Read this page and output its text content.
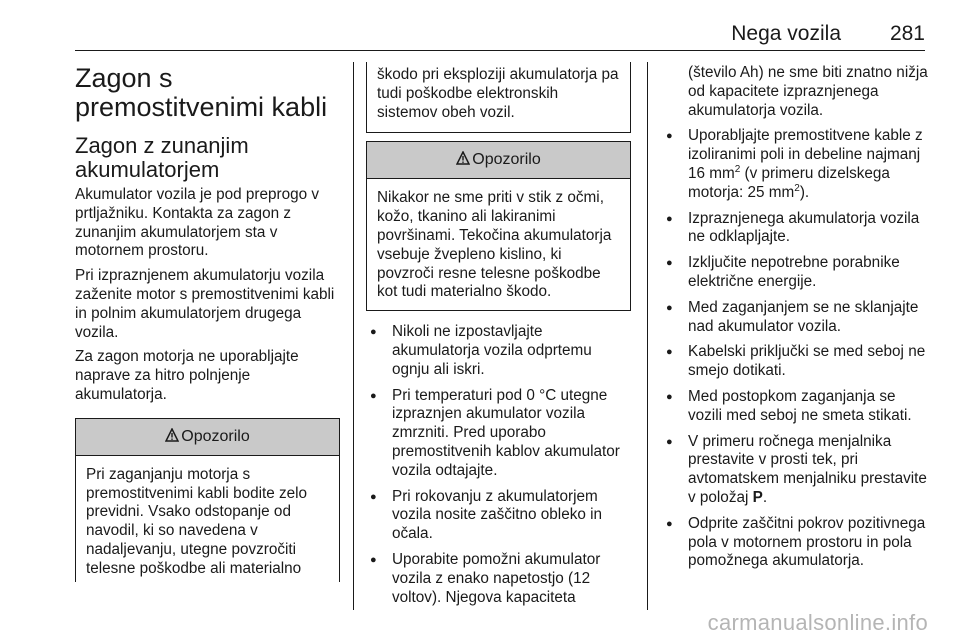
Nega vozila 281
Zagon s premostitvenimi kabli
Zagon z zunanjim akumulatorjem

Akumulator vozila je pod preprogo v prtljažniku. Kontakta za zagon z zunanjim akumulatorjem sta v motornem prostoru.

Pri izpraznjenem akumulatorju vozila zaženite motor s premostitvenimi kabli in polnim akumulatorjem drugega vozila.

Za zagon motorja ne uporabljajte naprave za hitro polnjenje akumulatorja.

Opozorilo

Pri zaganjanju motorja s premostitvenimi kabli bodite zelo previdni. Vsako odstopanje od navodil, ki so navedena v nadaljevanju, utegne povzročiti telesne poškodbe ali materialno

škodo pri eksploziji akumulatorja pa tudi poškodbe elektronskih sistemov obeh vozil.

Opozorilo

Nikakor ne sme priti v stik z očmi, kožo, tkanino ali lakiranimi površinami. Tekočina akumulatorja vsebuje žvepleno kislino, ki povzroči resne telesne poškodbe kot tudi materialno škodo.

● Nikoli ne izpostavljajte akumulatorja vozila odprtemu ognju ali iskri.
● Pri temperaturi pod 0 °C utegne izpraznjen akumulator vozila zmrzniti. Pred uporabo premostitvenih kablov akumulator vozila odtajajte.
● Pri rokovanju z akumulatorjem vozila nosite zaščitno obleko in očala.
● Uporabite pomožni akumulator vozila z enako napetostjo (12 voltov). Njegova kapaciteta
(število Ah) ne sme biti znatno nižja od kapacitete izpraznjenega akumulatorja vozila.
● Uporabljajte premostitvene kable z izoliranimi poli in debeline najmanj 16 $mm^2$ (v primeru dizelskega motorja: 25 $mm^2$).
● Izpraznjenega akumulatorja vozila ne odklapljajte.
● Izključite nepotrebne porabnike električne energije.
● Med zaganjanjem se ne sklanjajte nad akumulator vozila.
● Kabelski priključki se med seboj ne smejo dotikati.
● Med postopkom zaganjanja se vozili med seboj ne smeta stikati.
● V primeru ročnega menjalnika prestavite v prosti tek, pri avtomatskem menjalniku prestavite v položaj P.
● Odprite zaščitni pokrov pozitivnega pola v motornem prostoru in pola pomožnega akumulatorja.
carmanualsonline.info
